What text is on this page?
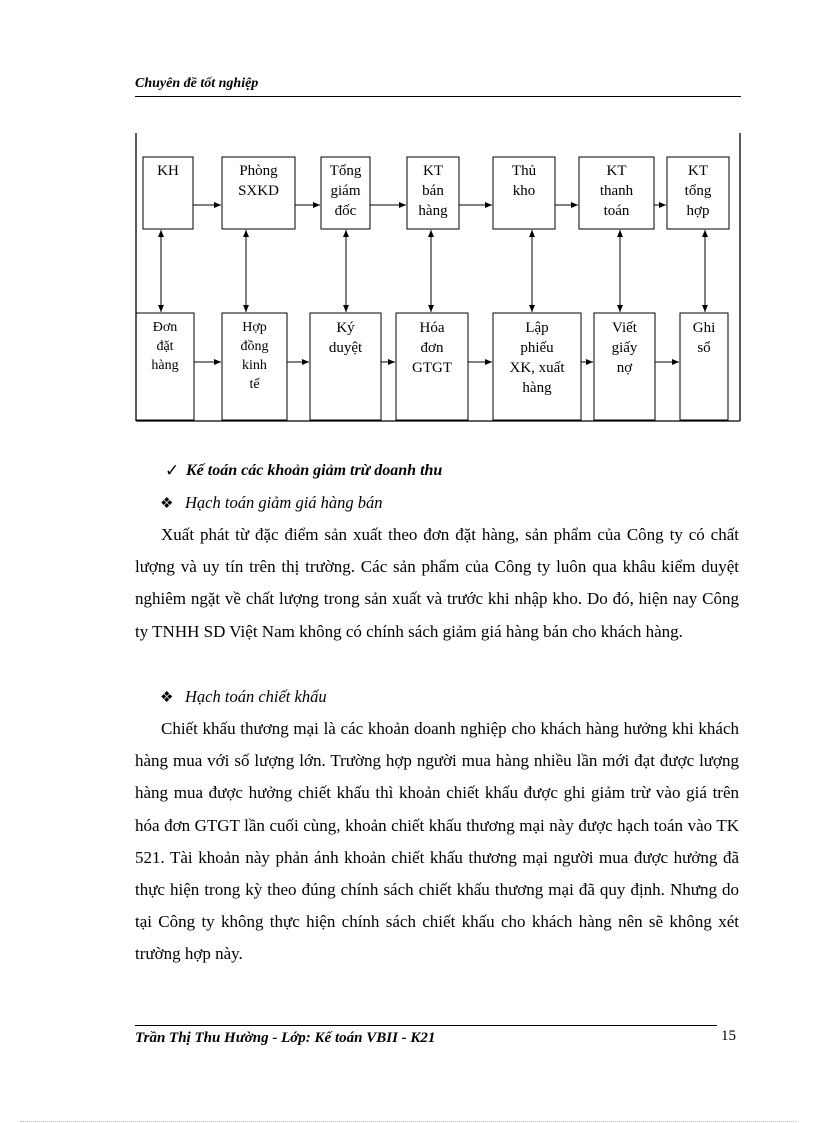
Chuyên đề tốt nghiệp
KH	Phòng
SXKD
Tổng
giám
đốc
KT
bán
hàng
Thủ
kho
KT
thanh
toán
KT
tổng
hợp
Đơn
đặt
hàng
Hợp
đồng
kinh
tế
Ký
duyệt
Hóa
đơn
GTGT
Lập
phiếu
XK, xuất
hàng
Viết
giấy
nợ
Ghi
sổ
✓ Kế toán các khoản giảm trừ doanh thu
❖ Hạch toán giảm giá hàng bán
Xuất phát từ đặc điểm sản xuất theo đơn đặt hàng, sản phẩm của Công ty có chất lượng và uy tín trên thị trường. Các sản phẩm của Công ty luôn qua khâu kiểm duyệt nghiêm ngặt về chất lượng trong sản xuất và trước khi nhập kho. Do đó, hiện nay Công ty TNHH SD Việt Nam không có chính sách giảm giá hàng bán cho khách hàng.
❖ Hạch toán chiết khấu
Chiết khấu thương mại là các khoản doanh nghiệp cho khách hàng hưởng khi khách hàng mua với số lượng lớn. Trường hợp người mua hàng nhiều lần mới đạt được lượng hàng mua được hưởng chiết khấu thì khoản chiết khấu được ghi giảm trừ vào giá trên hóa đơn GTGT lần cuối cùng, khoản chiết khấu thương mại này được hạch toán vào TK 521. Tài khoản này phản ánh khoản chiết khấu thương mại người mua được hưởng đã thực hiện trong kỳ theo đúng chính sách chiết khấu thương mại đã quy định. Nhưng do tại Công ty không thực hiện chính sách chiết khấu cho khách hàng nên sẽ không xét trường hợp này.
Trần Thị Thu Hường - Lớp: Kế toán VBII - K21	15
